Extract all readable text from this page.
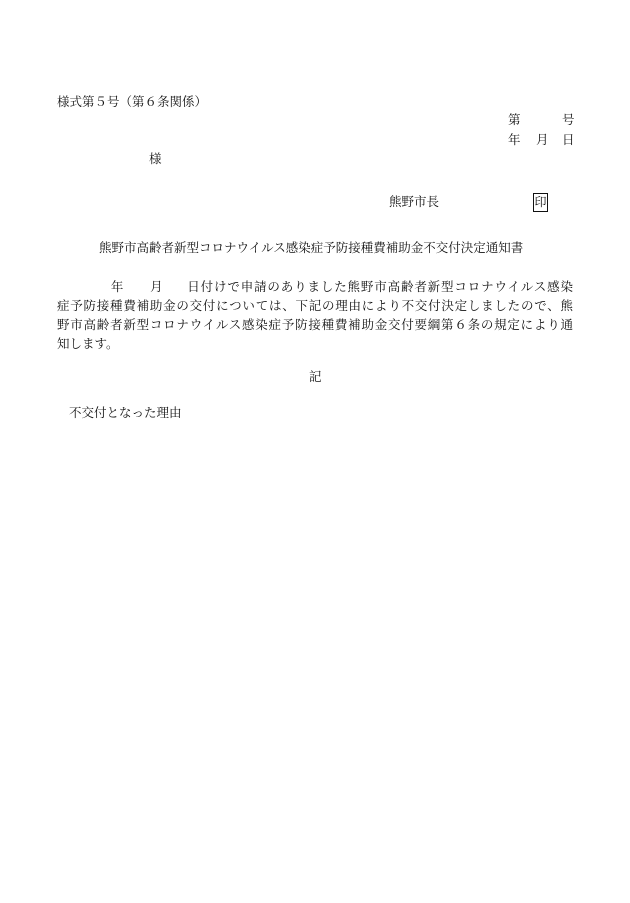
様式第５号（第６条関係）
第	号
年 月 日
様
熊野市長	印
熊野市高齢者新型コロナウイルス感染症予防接種費補助金不交付決定通知書
年 月 日付けで申請のありました熊野市高齢者新型コロナウイルス感染
症予防接種費補助金の交付については、下記の理由により不交付決定しましたので、熊
野市高齢者新型コロナウイルス感染症予防接種費補助金交付要綱第６条の規定により通
知します。
記
不交付となった理由
